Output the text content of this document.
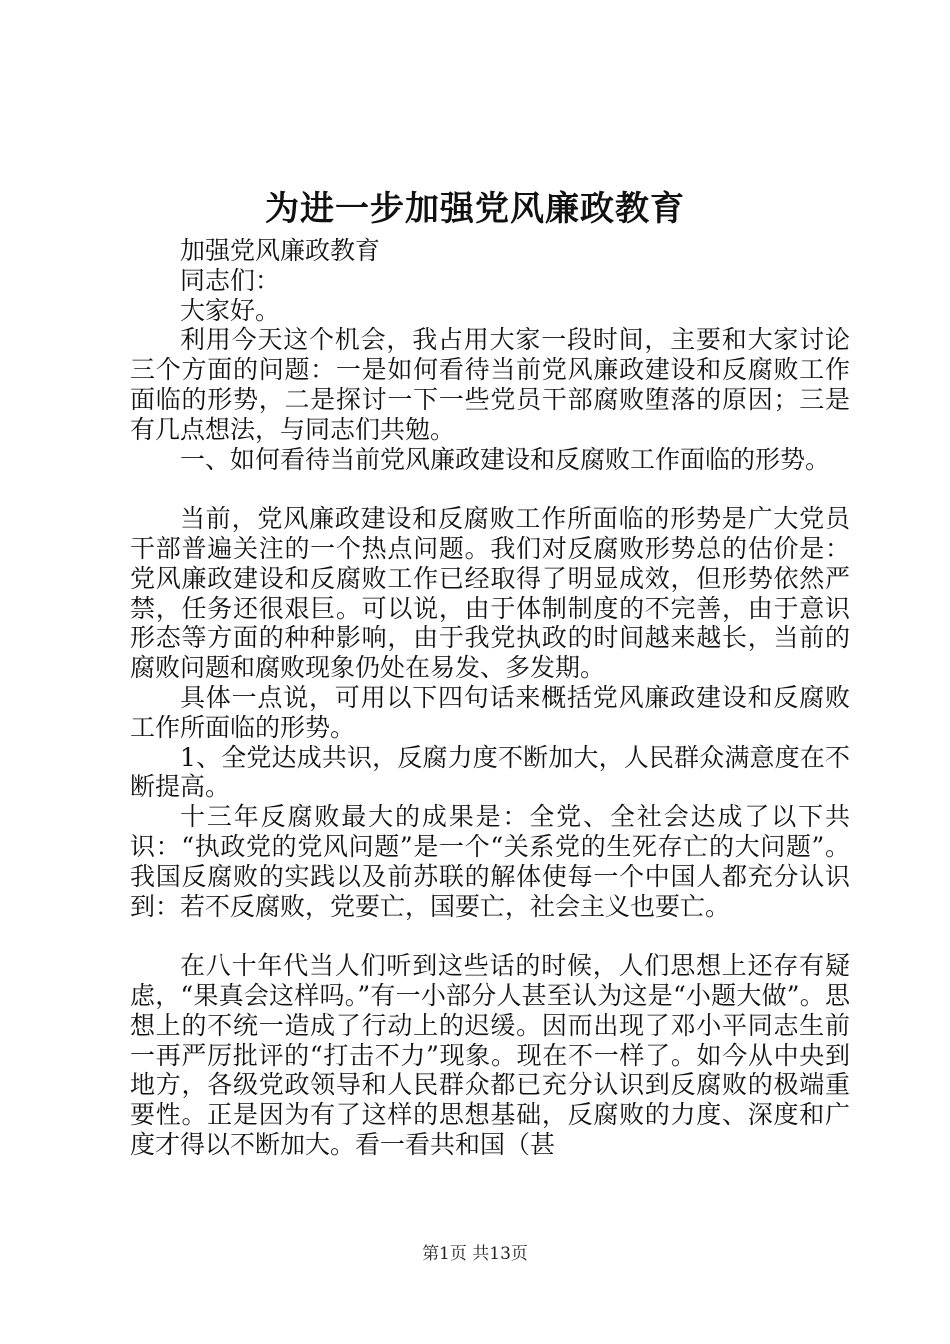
为进一步加强党风廉政教育

加强党风廉政教育

同志们：

大家好。

利用今天这个机会，我占用大家一段时间，主要和大家讨论三个方面的问题：一是如何看待当前党风廉政建设和反腐败工作面临的形势，二是探讨一下一些党员干部腐败堕落的原因；三是有几点想法，与同志们共勉。

一、如何看待当前党风廉政建设和反腐败工作面临的形势。

当前，党风廉政建设和反腐败工作所面临的形势是广大党员干部普遍关注的一个热点问题。我们对反腐败形势总的估价是：党风廉政建设和反腐败工作已经取得了明显成效，但形势依然严禁，任务还很艰巨。可以说，由于体制制度的不完善，由于意识形态等方面的种种影响，由于我党执政的时间越来越长，当前的腐败问题和腐败现象仍处在易发、多发期。

具体一点说，可用以下四句话来概括党风廉政建设和反腐败工作所面临的形势。

1、全党达成共识，反腐力度不断加大，人民群众满意度在不断提高。

十三年反腐败最大的成果是：全党、全社会达成了以下共识：“执政党的党风问题”是一个“关系党的生死存亡的大问题”。我国反腐败的实践以及前苏联的解体使每一个中国人都充分认识到：若不反腐败，党要亡，国要亡，社会主义也要亡。

在八十年代当人们听到这些话的时候，人们思想上还存有疑虑，“果真会这样吗。”有一小部分人甚至认为这是“小题大做”。思想上的不统一造成了行动上的迟缓。因而出现了邓小平同志生前一再严厉批评的“打击不力”现象。现在不一样了。如今从中央到地方，各级党政领导和人民群众都已充分认识到反腐败的极端重要性。正是因为有了这样的思想基础，反腐败的力度、深度和广度才得以不断加大。看一看共和国（甚

第1页 共13页
